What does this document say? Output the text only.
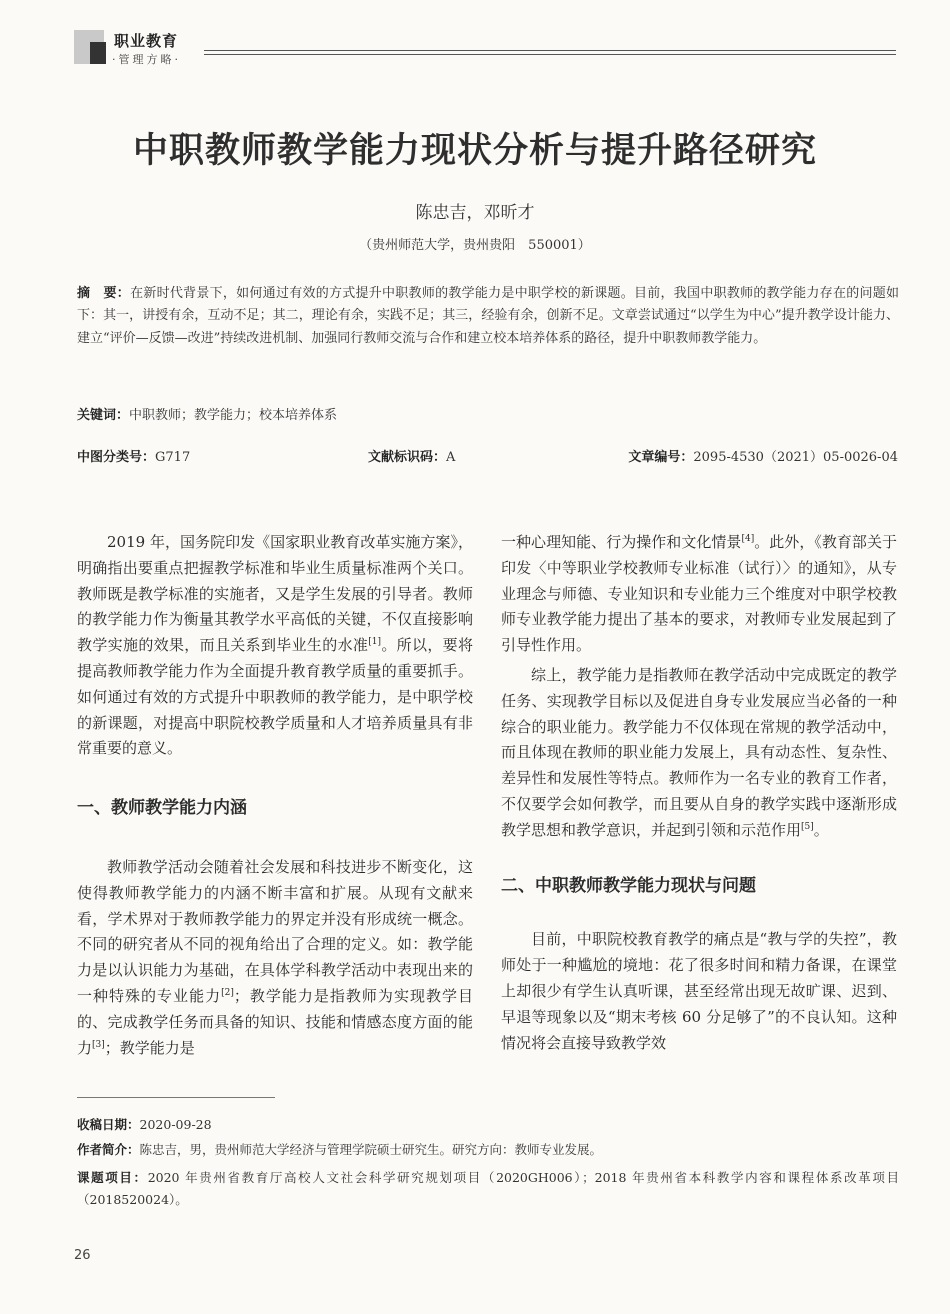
职业教育
·管理方略·
中职教师教学能力现状分析与提升路径研究
陈忠吉，邓昕才
（贵州师范大学，贵州贵阳　550001）
摘　要：在新时代背景下，如何通过有效的方式提升中职教师的教学能力是中职学校的新课题。目前，我国中职教师的教学能力存在的问题如下：其一，讲授有余，互动不足；其二，理论有余，实践不足；其三，经验有余，创新不足。文章尝试通过“以学生为中心”提升教学设计能力、建立“评价—反馈—改进”持续改进机制、加强同行教师交流与合作和建立校本培养体系的路径，提升中职教师教学能力。
关键词：中职教师；教学能力；校本培养体系
中图分类号：G717	文献标识码：A	文章编号：2095-4530（2021）05-0026-04

2019 年，国务院印发《国家职业教育改革实施方案》，明确指出要重点把握教学标准和毕业生质量标准两个关口。教师既是教学标准的实施者，又是学生发展的引导者。教师的教学能力作为衡量其教学水平高低的关键，不仅直接影响教学实施的效果，而且关系到毕业生的水准[1]。所以，要将提高教师教学能力作为全面提升教育教学质量的重要抓手。如何通过有效的方式提升中职教师的教学能力，是中职学校的新课题，对提高中职院校教学质量和人才培养质量具有非常重要的意义。

一、教师教学能力内涵

教师教学活动会随着社会发展和科技进步不断变化，这使得教师教学能力的内涵不断丰富和扩展。从现有文献来看，学术界对于教师教学能力的界定并没有形成统一概念。不同的研究者从不同的视角给出了合理的定义。如：教学能力是以认识能力为基础，在具体学科教学活动中表现出来的一种特殊的专业能力[2]；教学能力是指教师为实现教学目的、完成教学任务而具备的知识、技能和情感态度方面的能力[3]；教学能力是

一种心理知能、行为操作和文化情景[4]。此外，《教育部关于印发〈中等职业学校教师专业标准（试行）〉的通知》，从专业理念与师德、专业知识和专业能力三个维度对中职学校教师专业教学能力提出了基本的要求，对教师专业发展起到了引导性作用。

综上，教学能力是指教师在教学活动中完成既定的教学任务、实现教学目标以及促进自身专业发展应当必备的一种综合的职业能力。教学能力不仅体现在常规的教学活动中，而且体现在教师的职业能力发展上，具有动态性、复杂性、差异性和发展性等特点。教师作为一名专业的教育工作者，不仅要学会如何教学，而且要从自身的教学实践中逐渐形成教学思想和教学意识，并起到引领和示范作用[5]。

二、中职教师教学能力现状与问题

目前，中职院校教育教学的痛点是“教与学的失控”，教师处于一种尴尬的境地：花了很多时间和精力备课，在课堂上却很少有学生认真听课，甚至经常出现无故旷课、迟到、早退等现象以及“期末考核 60 分足够了”的不良认知。这种情况将会直接导致教学效

收稿日期：2020-09-28
作者简介：陈忠吉，男，贵州师范大学经济与管理学院硕士研究生。研究方向：教师专业发展。
课题项目：2020 年贵州省教育厅高校人文社会科学研究规划项目（2020GH006）；2018 年贵州省本科教学内容和课程体系改革项目（2018520024）。
26
